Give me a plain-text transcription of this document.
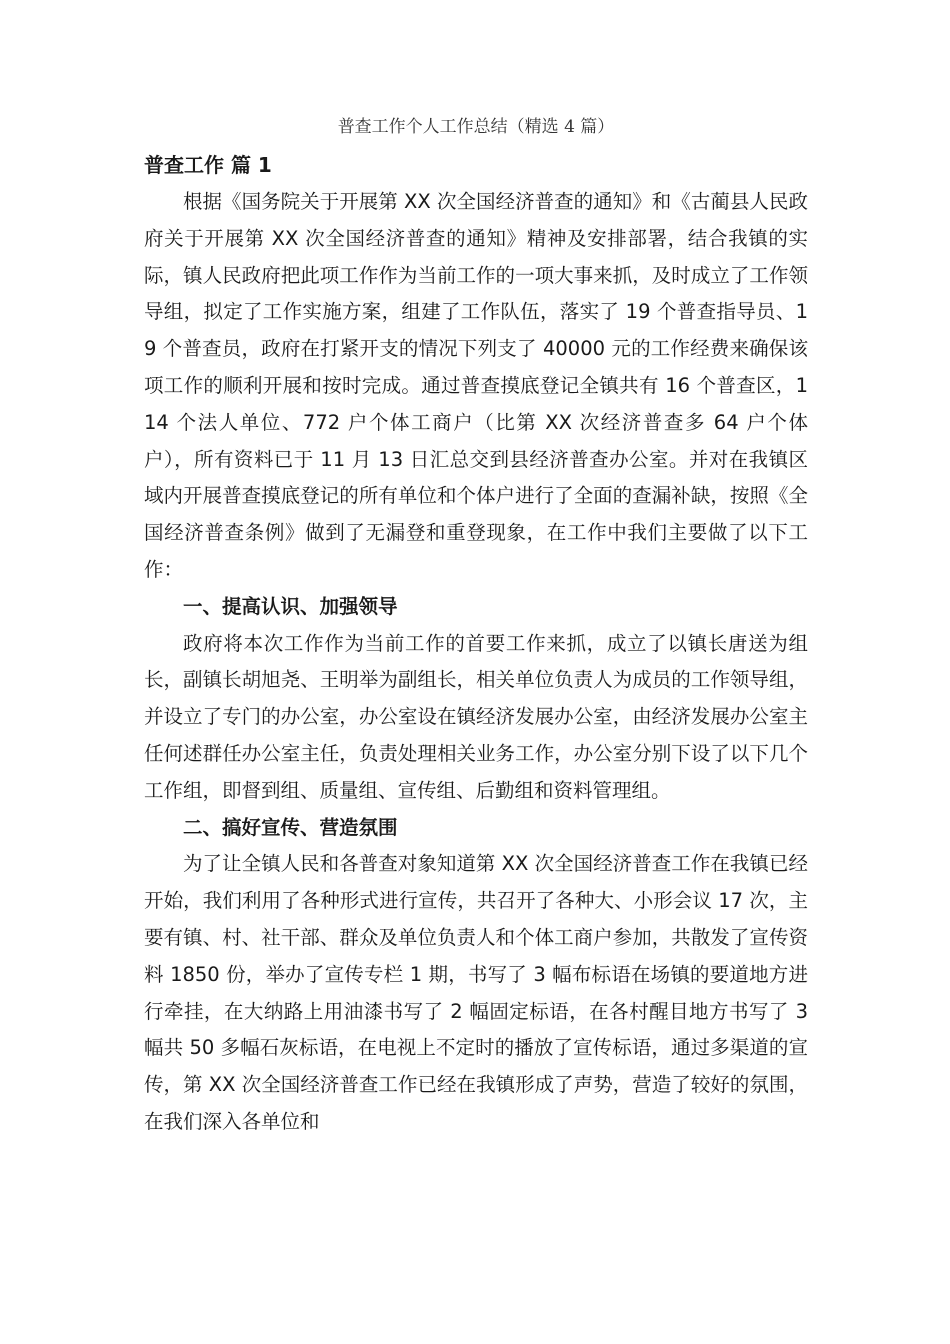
普查工作个人工作总结（精选 4 篇）

普查工作 篇 1

根据《国务院关于开展第 XX 次全国经济普查的通知》和《古蔺县人民政府关于开展第 XX 次全国经济普查的通知》精神及安排部署，结合我镇的实际，镇人民政府把此项工作作为当前工作的一项大事来抓，及时成立了工作领导组，拟定了工作实施方案，组建了工作队伍，落实了 19 个普查指导员、19 个普查员，政府在打紧开支的情况下列支了 40000 元的工作经费来确保该项工作的顺利开展和按时完成。通过普查摸底登记全镇共有 16 个普查区，114 个法人单位、772 户个体工商户（比第 XX 次经济普查多 64 户个体户），所有资料已于 11 月 13 日汇总交到县经济普查办公室。并对在我镇区域内开展普查摸底登记的所有单位和个体户进行了全面的查漏补缺，按照《全国经济普查条例》做到了无漏登和重登现象，在工作中我们主要做了以下工作：

一、提高认识、加强领导

政府将本次工作作为当前工作的首要工作来抓，成立了以镇长唐送为组长，副镇长胡旭尧、王明举为副组长，相关单位负责人为成员的工作领导组，并设立了专门的办公室，办公室设在镇经济发展办公室，由经济发展办公室主任何述群任办公室主任，负责处理相关业务工作，办公室分别下设了以下几个工作组，即督到组、质量组、宣传组、后勤组和资料管理组。

二、搞好宣传、营造氛围

为了让全镇人民和各普查对象知道第 XX 次全国经济普查工作在我镇已经开始，我们利用了各种形式进行宣传，共召开了各种大、小形会议 17 次，主要有镇、村、社干部、群众及单位负责人和个体工商户参加，共散发了宣传资料 1850 份，举办了宣传专栏 1 期，书写了 3 幅布标语在场镇的要道地方进行牵挂，在大纳路上用油漆书写了 2 幅固定标语，在各村醒目地方书写了 3 幅共 50 多幅石灰标语，在电视上不定时的播放了宣传标语，通过多渠道的宣传，第 XX 次全国经济普查工作已经在我镇形成了声势，营造了较好的氛围，在我们深入各单位和
